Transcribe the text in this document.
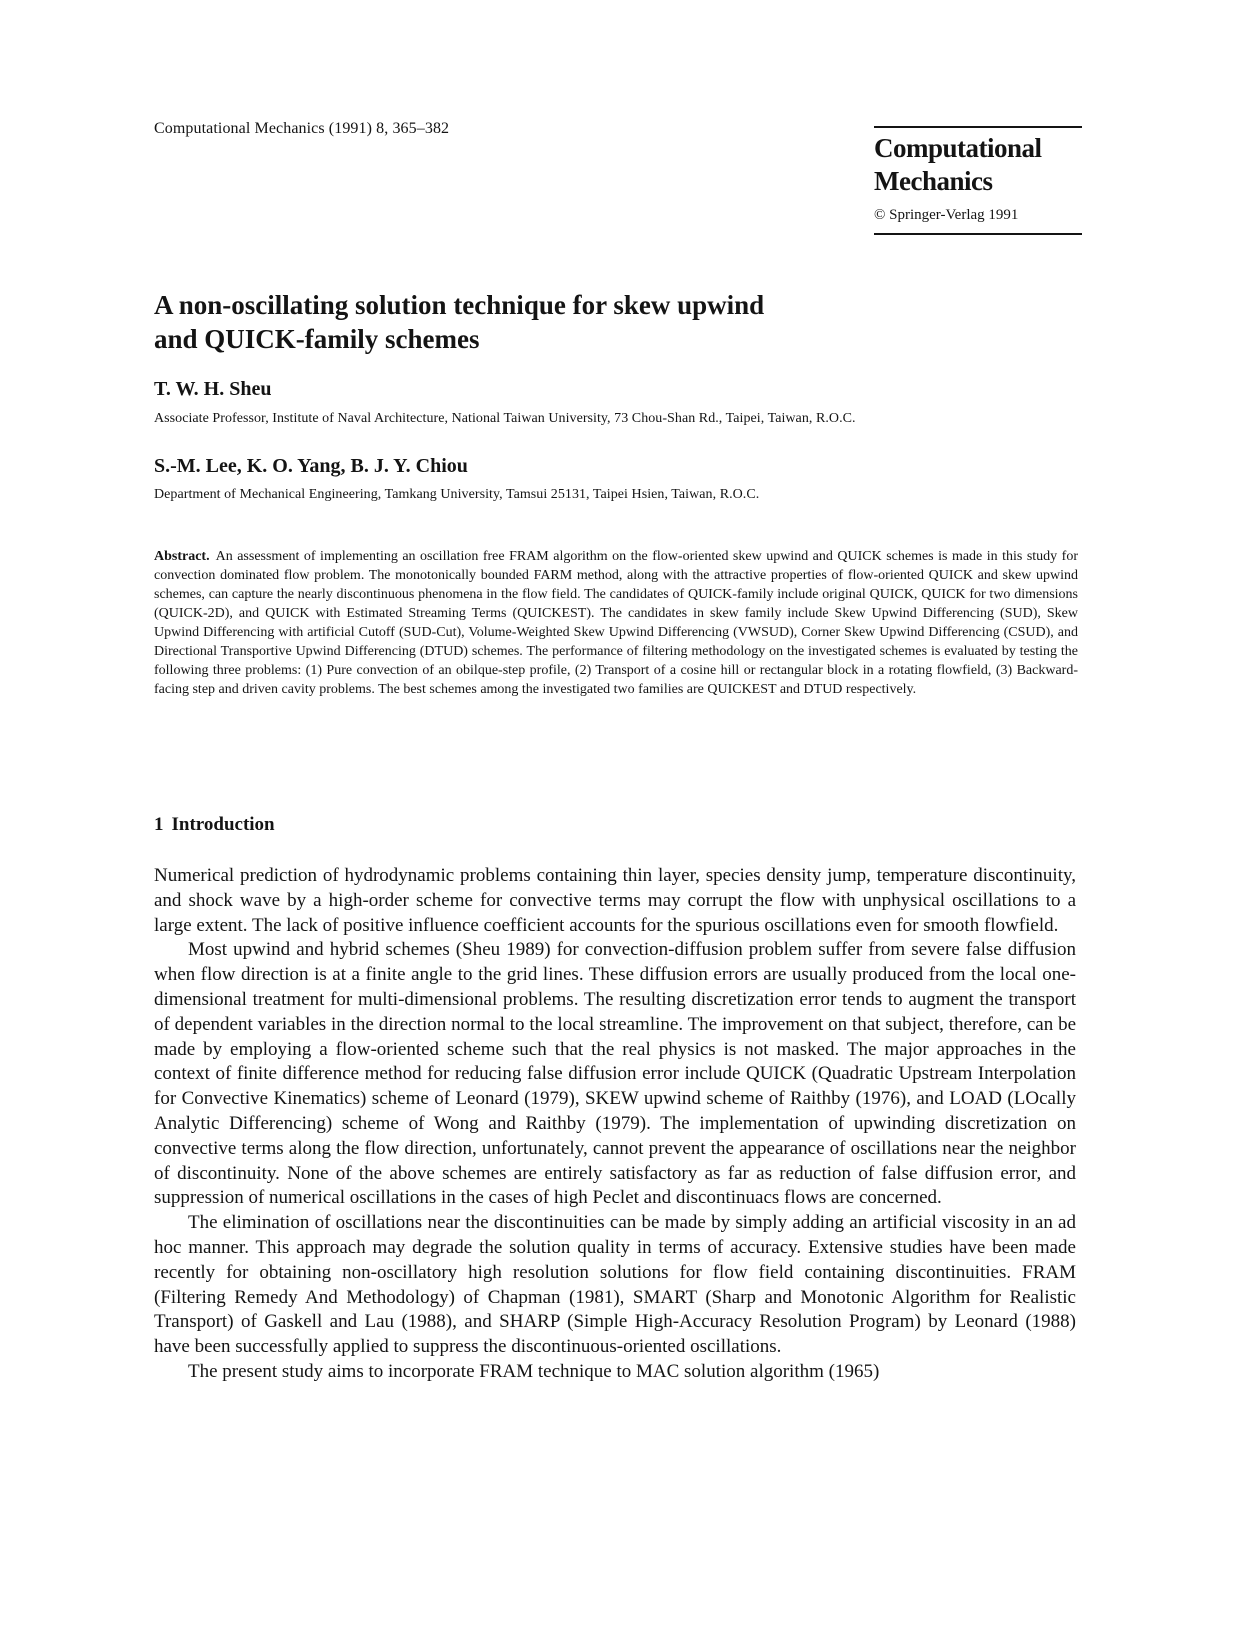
Computational Mechanics (1991) 8, 365–382
Computational
Mechanics
© Springer-Verlag 1991
A non-oscillating solution technique for skew upwind
and QUICK-family schemes

T. W. H. Sheu

Associate Professor, Institute of Naval Architecture, National Taiwan University, 73 Chou-Shan Rd., Taipei, Taiwan, R.O.C.

S.-M. Lee, K. O. Yang, B. J. Y. Chiou

Department of Mechanical Engineering, Tamkang University, Tamsui 25131, Taipei Hsien, Taiwan, R.O.C.

Abstract. An assessment of implementing an oscillation free FRAM algorithm on the flow-oriented skew upwind and QUICK schemes is made in this study for convection dominated flow problem. The monotonically bounded FARM method, along with the attractive properties of flow-oriented QUICK and skew upwind schemes, can capture the nearly discontinuous phenomena in the flow field. The candidates of QUICK-family include original QUICK, QUICK for two dimensions (QUICK-2D), and QUICK with Estimated Streaming Terms (QUICKEST). The candidates in skew family include Skew Upwind Differencing (SUD), Skew Upwind Differencing with artificial Cutoff (SUD-Cut), Volume-Weighted Skew Upwind Differencing (VWSUD), Corner Skew Upwind Differencing (CSUD), and Directional Transportive Upwind Differencing (DTUD) schemes. The performance of filtering methodology on the investigated schemes is evaluated by testing the following three problems: (1) Pure convection of an obilque-step profile, (2) Transport of a cosine hill or rectangular block in a rotating flowfield, (3) Backward-facing step and driven cavity problems. The best schemes among the investigated two families are QUICKEST and DTUD respectively.

1 Introduction

Numerical prediction of hydrodynamic problems containing thin layer, species density jump, temperature discontinuity, and shock wave by a high-order scheme for convective terms may corrupt the flow with unphysical oscillations to a large extent. The lack of positive influence coefficient accounts for the spurious oscillations even for smooth flowfield.

Most upwind and hybrid schemes (Sheu 1989) for convection-diffusion problem suffer from severe false diffusion when flow direction is at a finite angle to the grid lines. These diffusion errors are usually produced from the local one-dimensional treatment for multi-dimensional problems. The resulting discretization error tends to augment the transport of dependent variables in the direction normal to the local streamline. The improvement on that subject, therefore, can be made by employing a flow-oriented scheme such that the real physics is not masked. The major approaches in the context of finite difference method for reducing false diffusion error include QUICK (Quadratic Upstream Interpolation for Convective Kinematics) scheme of Leonard (1979), SKEW upwind scheme of Raithby (1976), and LOAD (LOcally Analytic Differencing) scheme of Wong and Raithby (1979). The implementation of upwinding discretization on convective terms along the flow direction, unfortunately, cannot prevent the appearance of oscillations near the neighbor of discontinuity. None of the above schemes are entirely satisfactory as far as reduction of false diffusion error, and suppression of numerical oscillations in the cases of high Peclet and discontinuacs flows are concerned.

The elimination of oscillations near the discontinuities can be made by simply adding an artificial viscosity in an ad hoc manner. This approach may degrade the solution quality in terms of accuracy. Extensive studies have been made recently for obtaining non-oscillatory high resolution solutions for flow field containing discontinuities. FRAM (Filtering Remedy And Methodology) of Chapman (1981), SMART (Sharp and Monotonic Algorithm for Realistic Transport) of Gaskell and Lau (1988), and SHARP (Simple High-Accuracy Resolution Program) by Leonard (1988) have been successfully applied to suppress the discontinuous-oriented oscillations.

The present study aims to incorporate FRAM technique to MAC solution algorithm (1965)
